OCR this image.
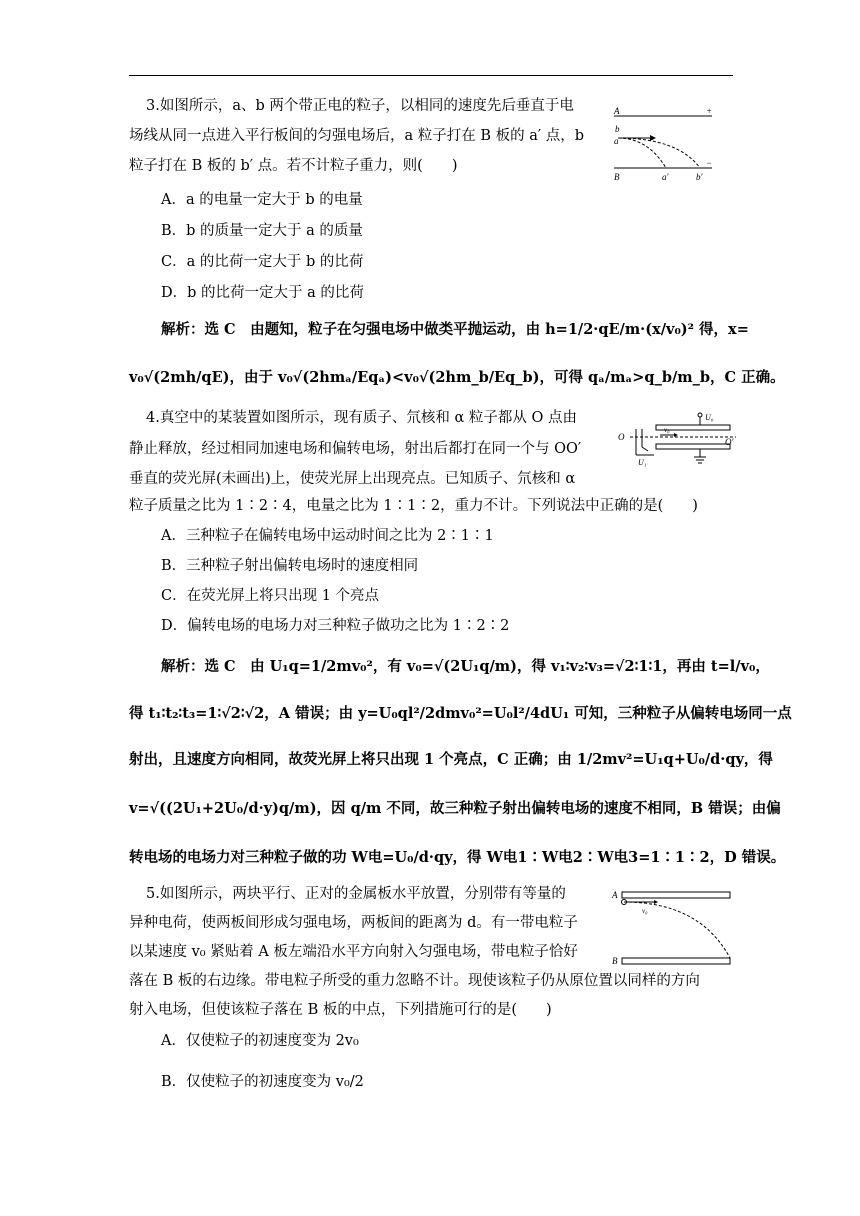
3.如图所示，a、b 两个带正电的粒子，以相同的速度先后垂直于电
场线从同一点进入平行板间的匀强电场后，a 粒子打在 B 板的 a′ 点，b
粒子打在 B 板的 b′ 点。若不计粒子重力，则(　　)
A．a 的电量一定大于 b 的电量
B．b 的质量一定大于 a 的质量
C．a 的比荷一定大于 b 的比荷
D．b 的比荷一定大于 a 的比荷
解析：选 C　由题知，粒子在匀强电场中做类平抛运动，由 h=1/2·qE/m·(x/v₀)² 得，x=
v₀√(2mh/qE)，由于 v₀√(2hmₐ/Eqₐ)<v₀√(2hm_b/Eq_b)，可得 qₐ/mₐ>q_b/m_b，C 正确。
A	+
b
a
−
B	a′	b′
4.真空中的某装置如图所示，现有质子、氘核和 α 粒子都从 O 点由
静止释放，经过相同加速电场和偏转电场，射出后都打在同一个与 OO′
垂直的荧光屏(未画出)上，使荧光屏上出现亮点。已知质子、氘核和 α
粒子质量之比为 1∶2∶4，电量之比为 1∶1∶2，重力不计。下列说法中正确的是(　　)
A．三种粒子在偏转电场中运动时间之比为 2∶1∶1
B．三种粒子射出偏转电场时的速度相同
C．在荧光屏上将只出现 1 个亮点
D．偏转电场的电场力对三种粒子做功之比为 1∶2∶2
解析：选 C　由 U₁q=1/2mv₀²，有 v₀=√(2U₁q/m)，得 v₁∶v₂∶v₃=√2∶1∶1，再由 t=l/v₀，
得 t₁∶t₂∶t₃=1∶√2∶√2，A 错误；由 y=U₀ql²/2dmv₀²=U₀l²/4dU₁ 可知，三种粒子从偏转电场同一点
射出，且速度方向相同，故荧光屏上将只出现 1 个亮点，C 正确；由 1/2mv²=U₁q+U₀/d·qy，得
v=√((2U₁+2U₀/d·y)q/m)，因 q/m 不同，故三种粒子射出偏转电场的速度不相同，B 错误；由偏
转电场的电场力对三种粒子做的功 W电=U₀/d·qy，得 W电1∶W电2∶W电3=1∶1∶2，D 错误。
U₀
v₀
O	O′
U₁
5.如图所示，两块平行、正对的金属板水平放置，分别带有等量的
异种电荷，使两板间形成匀强电场，两板间的距离为 d。有一带电粒子
以某速度 v₀ 紧贴着 A 板左端沿水平方向射入匀强电场，带电粒子恰好
落在 B 板的右边缘。带电粒子所受的重力忽略不计。现使该粒子仍从原位置以同样的方向
射入电场，但使该粒子落在 B 板的中点，下列措施可行的是(　　)
A．仅使粒子的初速度变为 2v₀
B．仅使粒子的初速度变为 v₀/2
A
v₀
B
